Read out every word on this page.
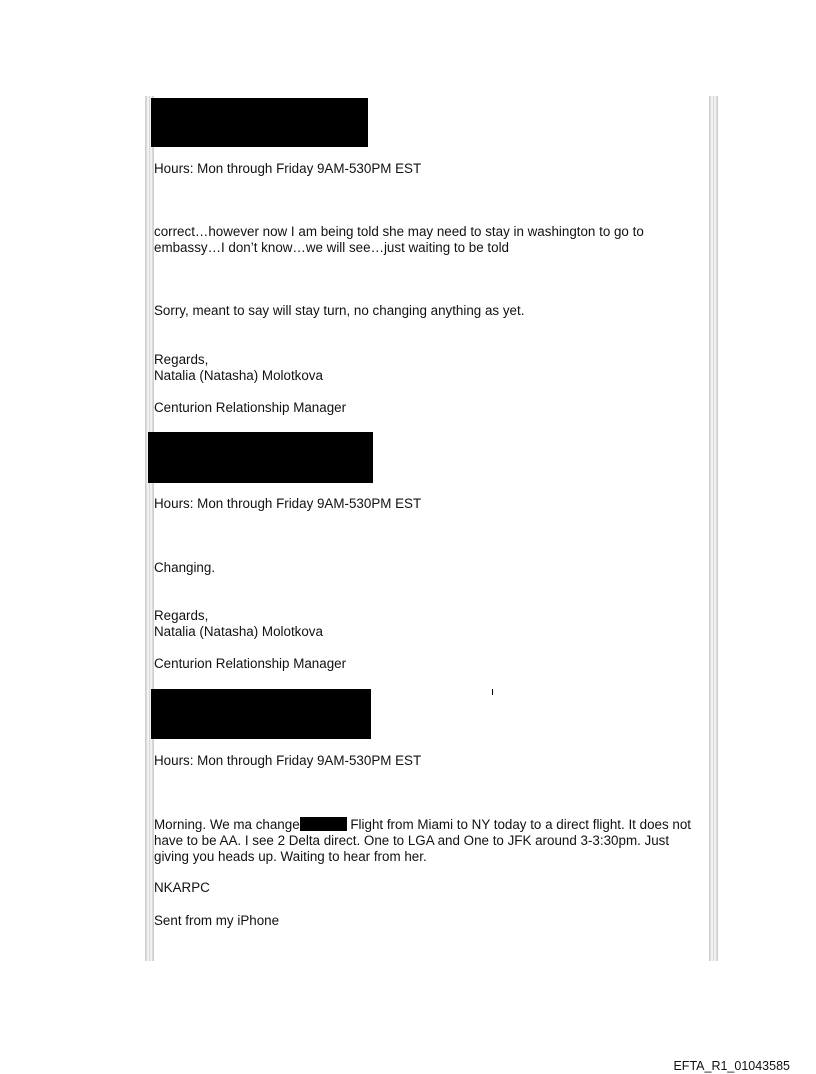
Hours: Mon through Friday 9AM-530PM EST
correct…however now I am being told she may need to stay in washington to go to embassy…I don’t know…we will see…just waiting to be told
Sorry, meant to say will stay turn, no changing anything as yet.
Regards,
Natalia (Natasha) Molotkova
Centurion Relationship Manager
Hours: Mon through Friday 9AM-530PM EST
Changing.
Regards,
Natalia (Natasha) Molotkova
Centurion Relationship Manager
Hours: Mon through Friday 9AM-530PM EST
Morning. We ma change	Flight from Miami to NY today to a direct flight. It does not have to be AA. I see 2 Delta direct. One to LGA and One to JFK around 3-3:30pm. Just giving you heads up. Waiting to hear from her.
NKARPC
Sent from my iPhone
EFTA_R1_01043585
